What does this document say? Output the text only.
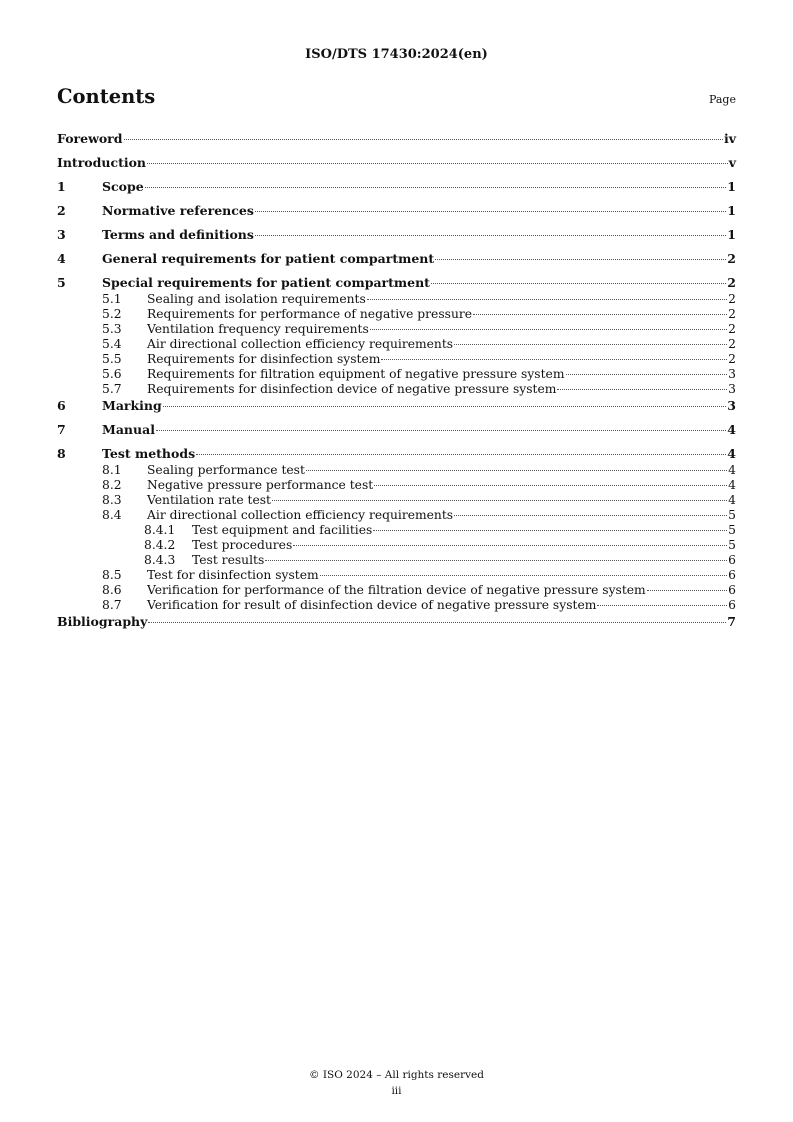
ISO/DTS 17430:2024(en)
Contents	Page
Foreword	iv
Introduction	v
1	Scope	1
2	Normative references	1
3	Terms and definitions	1
4	General requirements for patient compartment	2
5	Special requirements for patient compartment	2
5.1	Sealing and isolation requirements	2
5.2	Requirements for performance of negative pressure	2
5.3	Ventilation frequency requirements	2
5.4	Air directional collection efficiency requirements	2
5.5	Requirements for disinfection system	2
5.6	Requirements for filtration equipment of negative pressure system	3
5.7	Requirements for disinfection device of negative pressure system	3
6	Marking	3
7	Manual	4
8	Test methods	4
8.1	Sealing performance test	4
8.2	Negative pressure performance test	4
8.3	Ventilation rate test	4
8.4	Air directional collection efficiency requirements	5
8.4.1	Test equipment and facilities	5
8.4.2	Test procedures	5
8.4.3	Test results	6
8.5	Test for disinfection system	6
8.6	Verification for performance of the filtration device of negative pressure system	6
8.7	Verification for result of disinfection device of negative pressure system	6
Bibliography	7
© ISO 2024 – All rights reserved
iii
